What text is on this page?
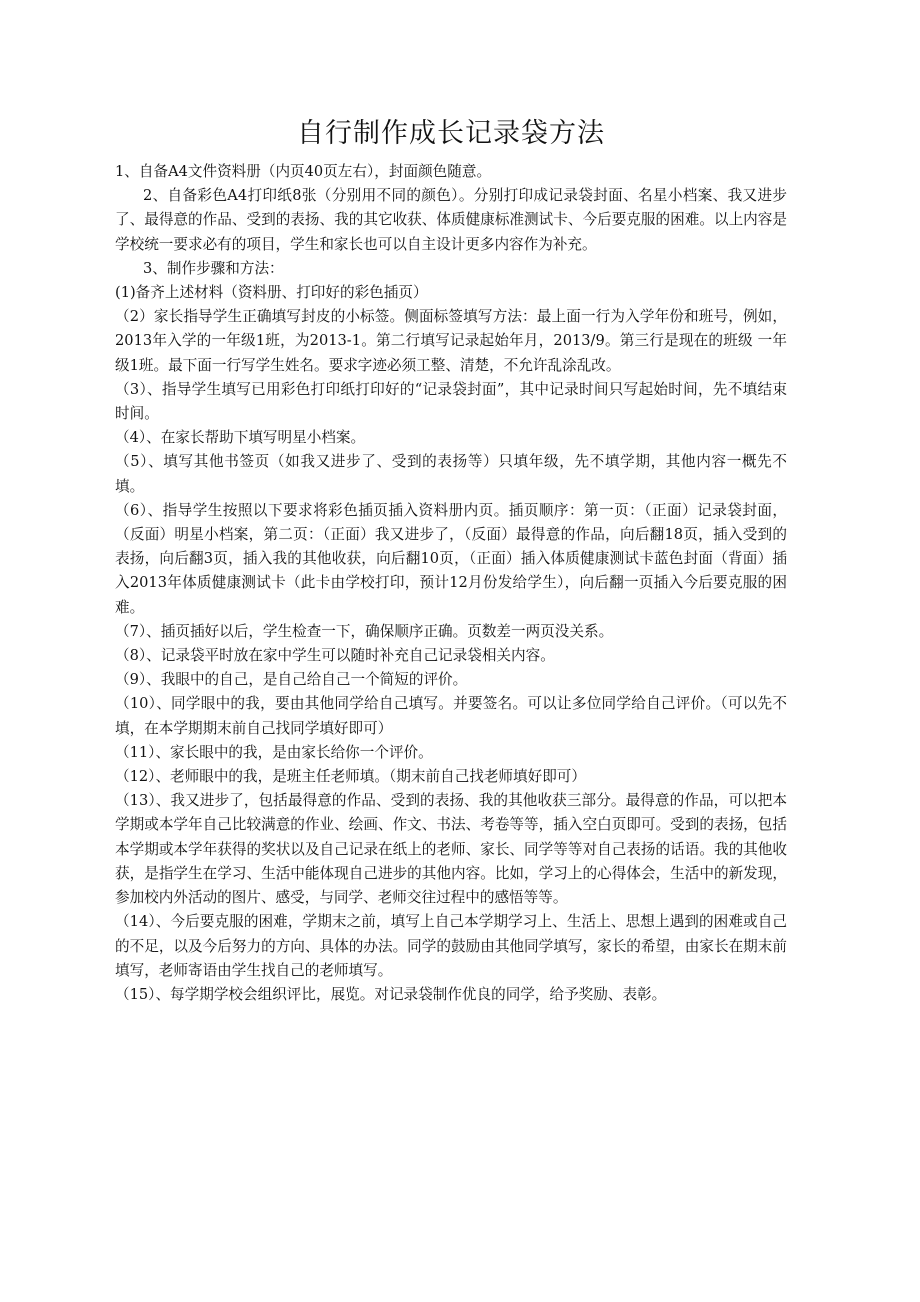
自行制作成长记录袋方法

1、自备A4文件资料册（内页40页左右），封面颜色随意。

2、自备彩色A4打印纸8张（分别用不同的颜色）。分别打印成记录袋封面、名星小档案、我又进步了、最得意的作品、受到的表扬、我的其它收获、体质健康标准测试卡、今后要克服的困难。以上内容是学校统一要求必有的项目，学生和家长也可以自主设计更多内容作为补充。

3、制作步骤和方法：

(1)备齐上述材料（资料册、打印好的彩色插页）

（2）家长指导学生正确填写封皮的小标签。侧面标签填写方法：最上面一行为入学年份和班号，例如，2013年入学的一年级1班，为2013-1。第二行填写记录起始年月，2013/9。第三行是现在的班级 一年级1班。最下面一行写学生姓名。要求字迹必须工整、清楚，不允许乱涂乱改。

（3）、指导学生填写已用彩色打印纸打印好的“记录袋封面”，其中记录时间只写起始时间，先不填结束时间。

（4）、在家长帮助下填写明星小档案。

（5）、填写其他书签页（如我又进步了、受到的表扬等）只填年级，先不填学期，其他内容一概先不填。

（6）、指导学生按照以下要求将彩色插页插入资料册内页。插页顺序：第一页：（正面）记录袋封面，（反面）明星小档案，第二页：（正面）我又进步了，（反面）最得意的作品，向后翻18页，插入受到的表扬，向后翻3页，插入我的其他收获，向后翻10页，（正面）插入体质健康测试卡蓝色封面（背面）插入2013年体质健康测试卡（此卡由学校打印，预计12月份发给学生），向后翻一页插入今后要克服的困难。

（7）、插页插好以后，学生检查一下，确保顺序正确。页数差一两页没关系。

（8）、记录袋平时放在家中学生可以随时补充自己记录袋相关内容。

（9）、我眼中的自己，是自己给自己一个简短的评价。

（10）、同学眼中的我，要由其他同学给自己填写。并要签名。可以让多位同学给自己评价。（可以先不填，在本学期期末前自己找同学填好即可）

（11）、家长眼中的我，是由家长给你一个评价。

（12）、老师眼中的我，是班主任老师填。（期末前自己找老师填好即可）

（13）、我又进步了，包括最得意的作品、受到的表扬、我的其他收获三部分。最得意的作品，可以把本学期或本学年自己比较满意的作业、绘画、作文、书法、考卷等等，插入空白页即可。受到的表扬，包括本学期或本学年获得的奖状以及自己记录在纸上的老师、家长、同学等等对自己表扬的话语。我的其他收获，是指学生在学习、生活中能体现自己进步的其他内容。比如，学习上的心得体会，生活中的新发现，参加校内外活动的图片、感受，与同学、老师交往过程中的感悟等等。

（14）、今后要克服的困难，学期末之前，填写上自己本学期学习上、生活上、思想上遇到的困难或自己的不足，以及今后努力的方向、具体的办法。同学的鼓励由其他同学填写，家长的希望，由家长在期末前填写，老师寄语由学生找自己的老师填写。

（15）、每学期学校会组织评比，展览。对记录袋制作优良的同学，给予奖励、表彰。
